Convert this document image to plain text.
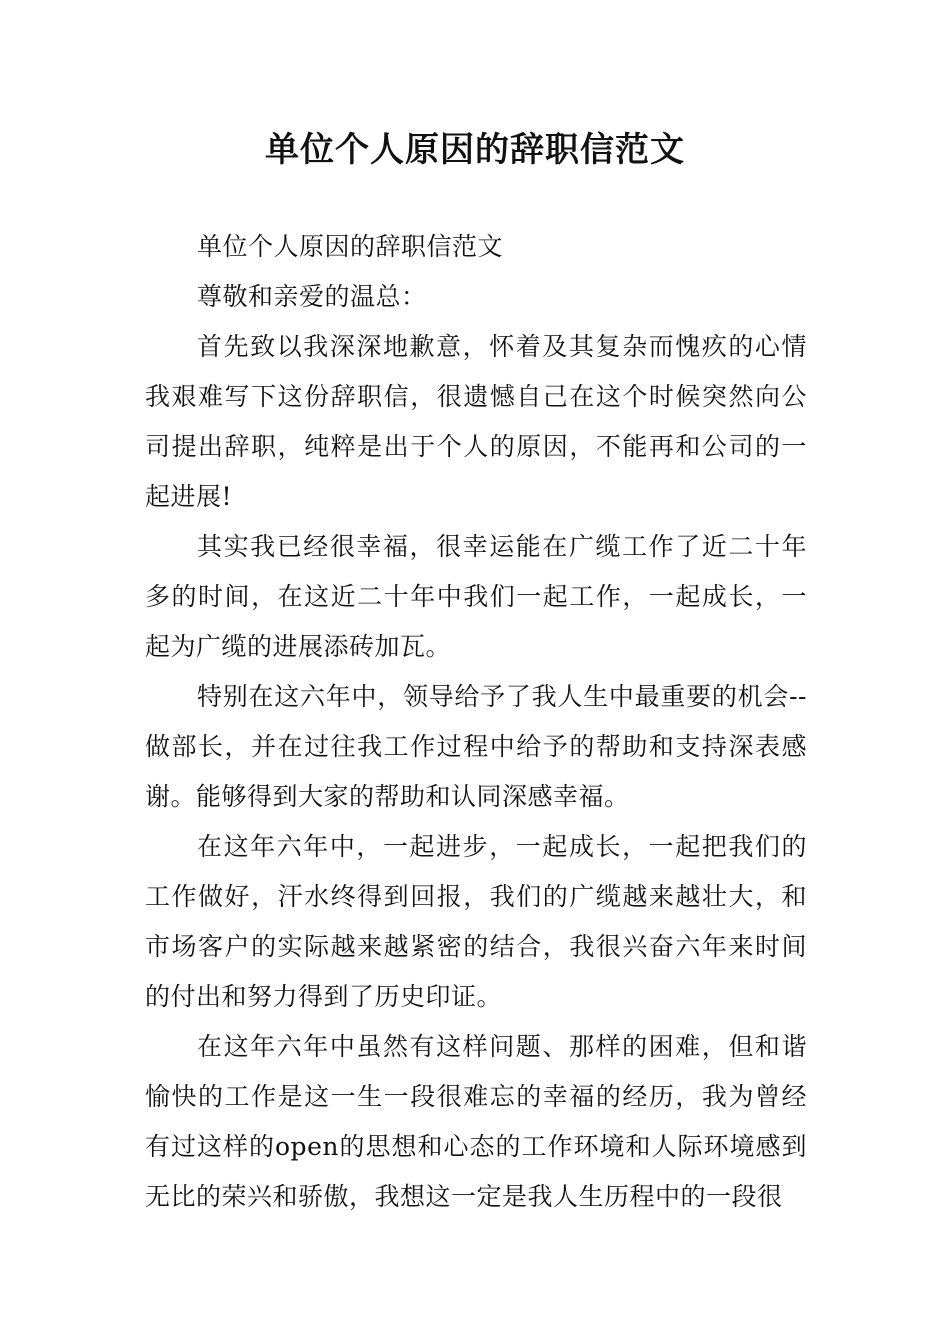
单位个人原因的辞职信范文

单位个人原因的辞职信范文

尊敬和亲爱的温总：

首先致以我深深地歉意，怀着及其复杂而愧疚的心情我艰难写下这份辞职信，很遗憾自己在这个时候突然向公司提出辞职，纯粹是出于个人的原因，不能再和公司的一起进展!

其实我已经很幸福，很幸运能在广缆工作了近二十年多的时间，在这近二十年中我们一起工作，一起成长，一起为广缆的进展添砖加瓦。

特别在这六年中，领导给予了我人生中最重要的机会--做部长，并在过往我工作过程中给予的帮助和支持深表感谢。能够得到大家的帮助和认同深感幸福。

在这年六年中，一起进步，一起成长，一起把我们的工作做好，汗水终得到回报，我们的广缆越来越壮大，和市场客户的实际越来越紧密的结合，我很兴奋六年来时间的付出和努力得到了历史印证。

在这年六年中虽然有这样问题、那样的困难，但和谐愉快的工作是这一生一段很难忘的幸福的经历，我为曾经有过这样的open的思想和心态的工作环境和人际环境感到无比的荣兴和骄傲，我想这一定是我人生历程中的一段很
